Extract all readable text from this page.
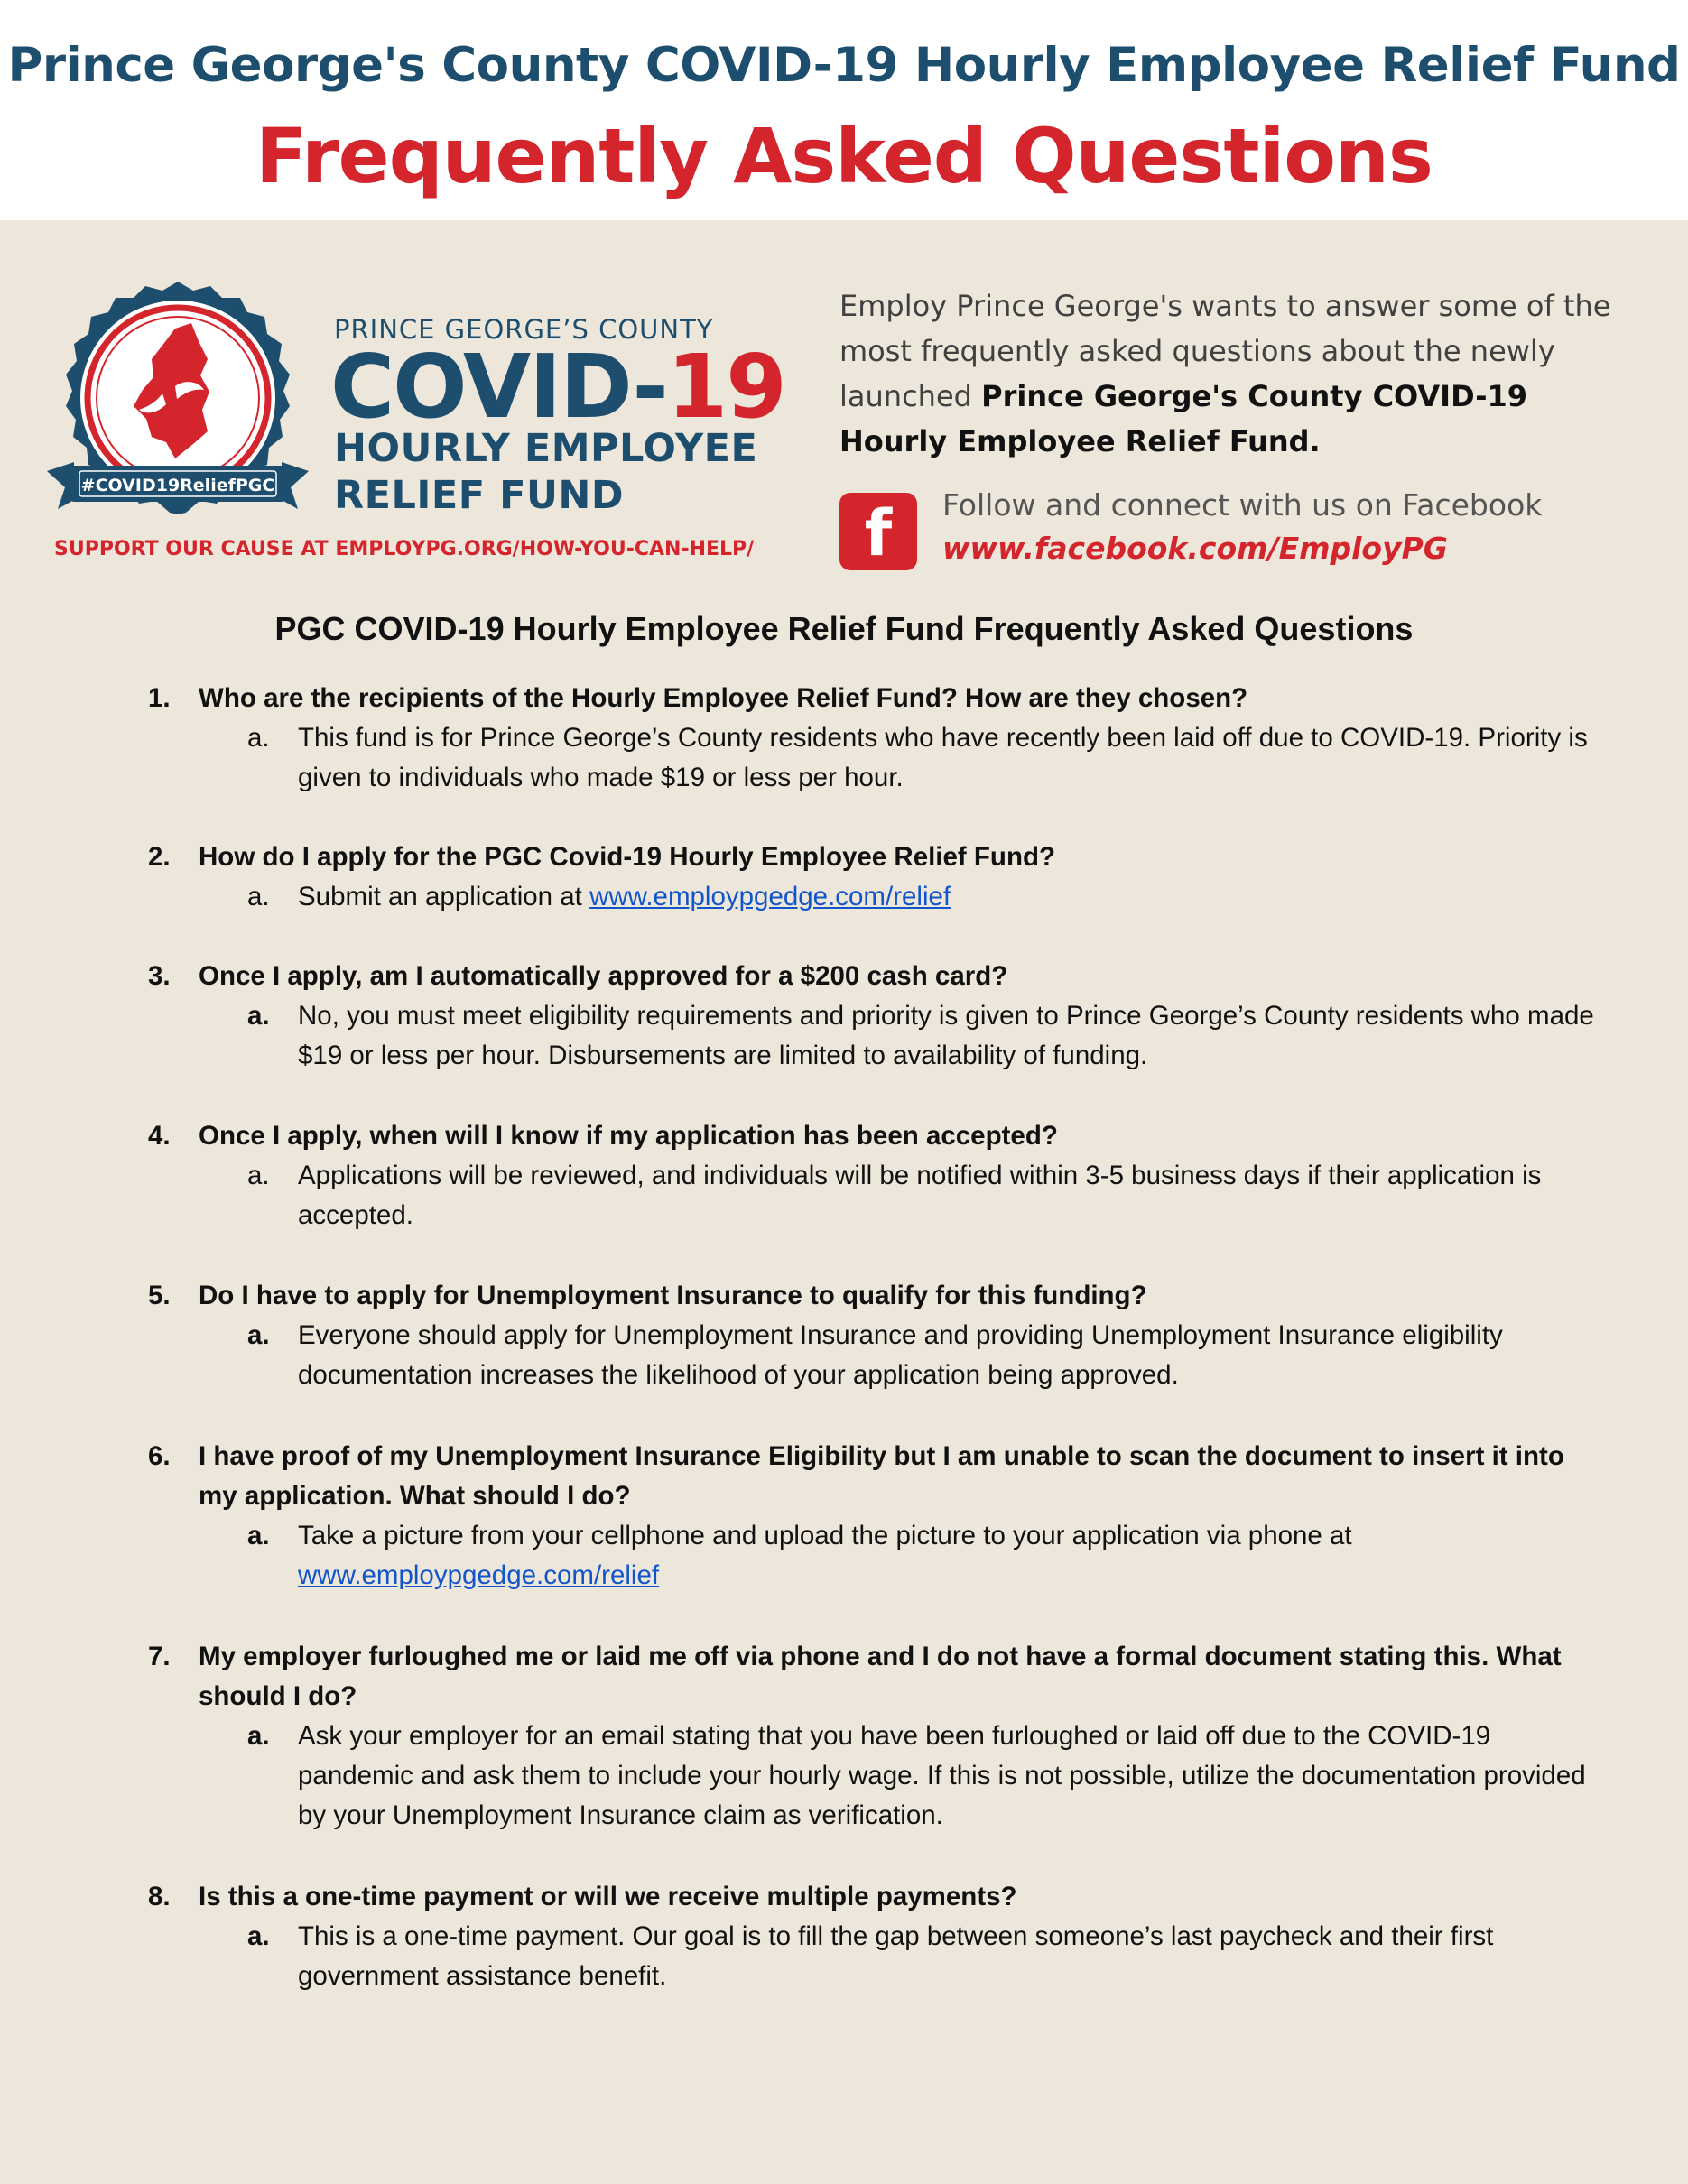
Prince George's County COVID-19 Hourly Employee Relief Fund
Frequently Asked Questions
#COVID19ReliefPGC
PRINCE GEORGE’S COUNTY
COVID-19
HOURLY EMPLOYEE
RELIEF FUND
SUPPORT OUR CAUSE AT EMPLOYPG.ORG/HOW-YOU-CAN-HELP/
Employ Prince George's wants to answer some of the most frequently asked questions about the newly launched Prince George's County COVID-19 Hourly Employee Relief Fund.
f	Follow and connect with us on Facebook
www.facebook.com/EmployPG
PGC COVID-19 Hourly Employee Relief Fund Frequently Asked Questions
1. Who are the recipients of the Hourly Employee Relief Fund? How are they chosen?
a. This fund is for Prince George’s County residents who have recently been laid off due to COVID-19. Priority is given to individuals who made $19 or less per hour.
2. How do I apply for the PGC Covid-19 Hourly Employee Relief Fund?
a. Submit an application at www.employpgedge.com/relief
3. Once I apply, am I automatically approved for a $200 cash card?
a. No, you must meet eligibility requirements and priority is given to Prince George’s County residents who made $19 or less per hour. Disbursements are limited to availability of funding.
4. Once I apply, when will I know if my application has been accepted?
a. Applications will be reviewed, and individuals will be notified within 3-5 business days if their application is accepted.
5. Do I have to apply for Unemployment Insurance to qualify for this funding?
a. Everyone should apply for Unemployment Insurance and providing Unemployment Insurance eligibility documentation increases the likelihood of your application being approved.
6. I have proof of my Unemployment Insurance Eligibility but I am unable to scan the document to insert it into my application. What should I do?
a. Take a picture from your cellphone and upload the picture to your application via phone at
www.employpgedge.com/relief
7. My employer furloughed me or laid me off via phone and I do not have a formal document stating this. What should I do?
a. Ask your employer for an email stating that you have been furloughed or laid off due to the COVID-19 pandemic and ask them to include your hourly wage. If this is not possible, utilize the documentation provided by your Unemployment Insurance claim as verification.
8. Is this a one-time payment or will we receive multiple payments?
a. This is a one-time payment. Our goal is to fill the gap between someone’s last paycheck and their first government assistance benefit.
